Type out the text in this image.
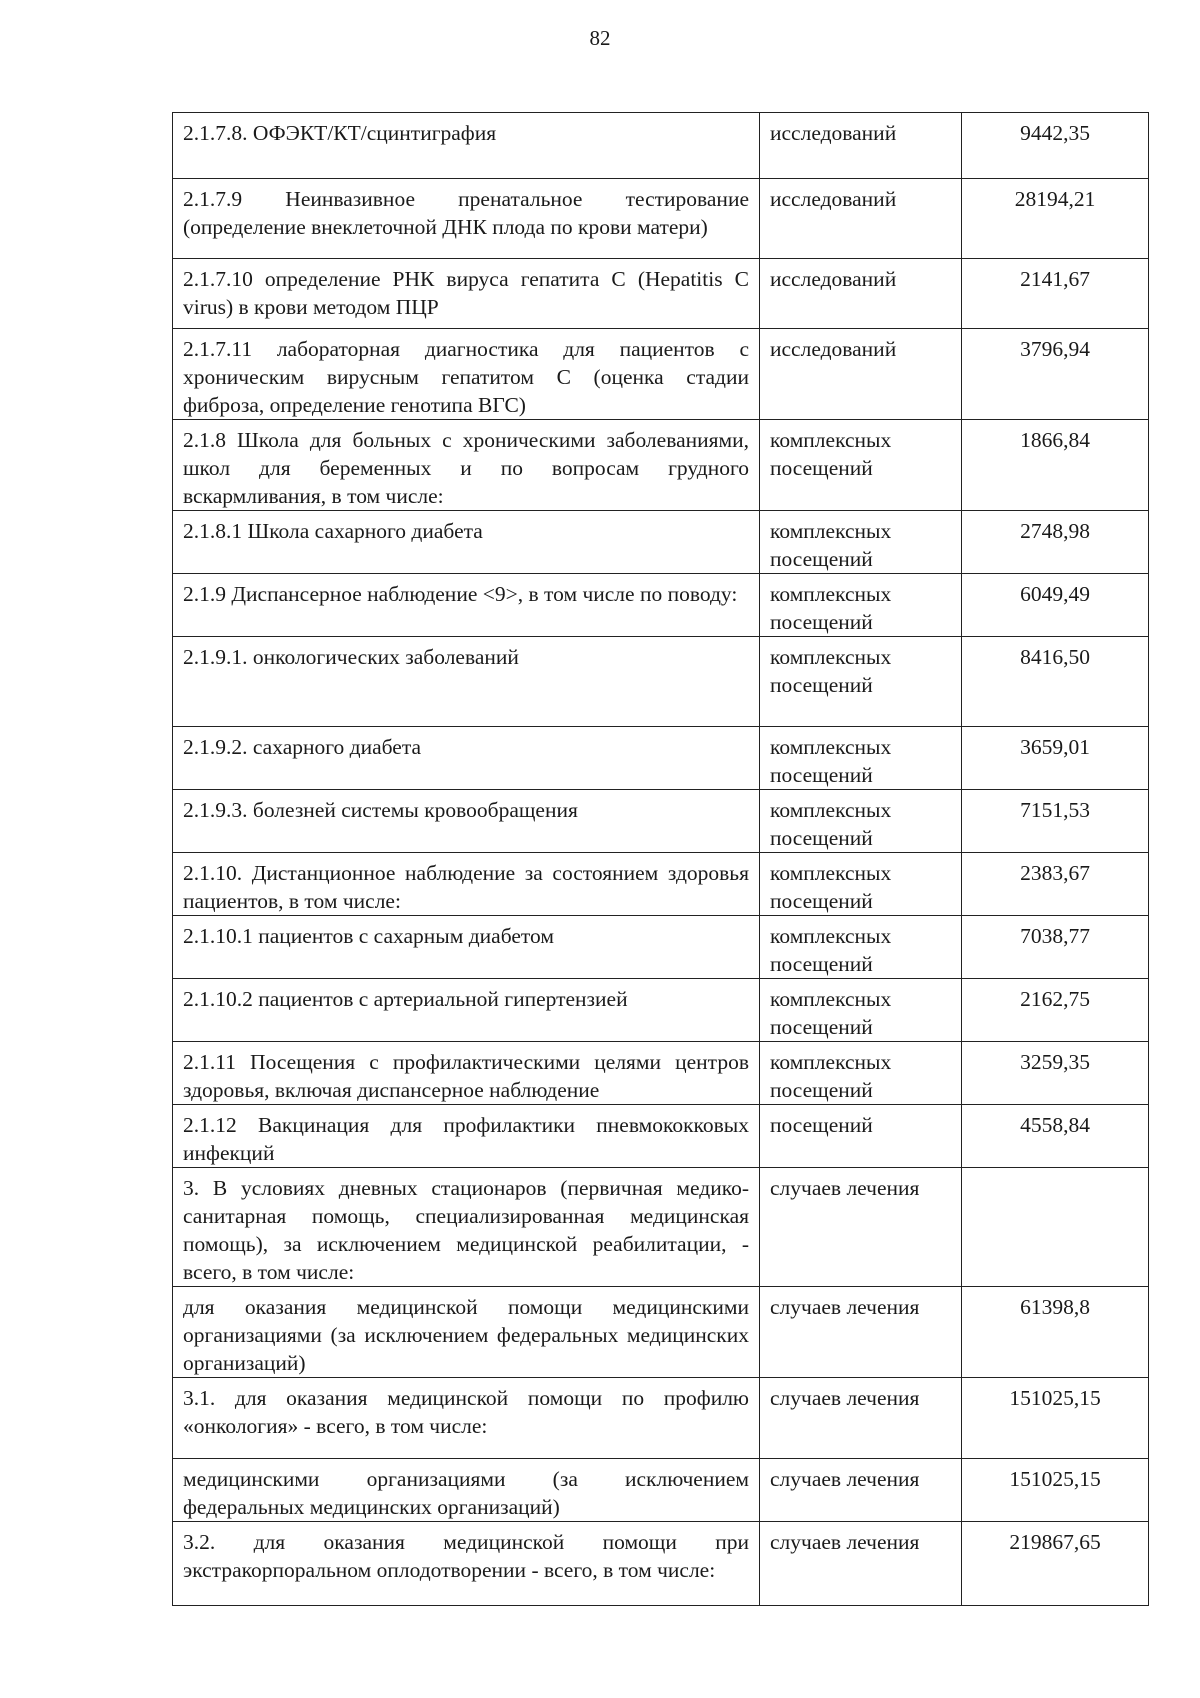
82
2.1.7.8. ОФЭКТ/КТ/сцинтиграфия	исследований	9442,35
2.1.7.9 Неинвазивное пренатальное тестирование (определение внеклеточной ДНК плода по крови матери)	исследований	28194,21
2.1.7.10 определение РНК вируса гепатита С (Hepatitis C virus) в крови методом ПЦР	исследований	2141,67
2.1.7.11 лабораторная диагностика для пациентов с хроническим вирусным гепатитом С (оценка стадии фиброза, определение генотипа ВГС)	исследований	3796,94
2.1.8 Школа для больных с хроническими заболеваниями, школ для беременных и по вопросам грудного вскармливания, в том числе:	комплексных посещений	1866,84
2.1.8.1 Школа сахарного диабета	комплексных посещений	2748,98
2.1.9 Диспансерное наблюдение <9>, в том числе по поводу:	комплексных посещений	6049,49
2.1.9.1. онкологических заболеваний	комплексных посещений	8416,50
2.1.9.2. сахарного диабета	комплексных посещений	3659,01
2.1.9.3. болезней системы кровообращения	комплексных посещений	7151,53
2.1.10. Дистанционное наблюдение за состоянием здоровья пациентов, в том числе:	комплексных посещений	2383,67
2.1.10.1 пациентов с сахарным диабетом	комплексных посещений	7038,77
2.1.10.2 пациентов с артериальной гипертензией	комплексных посещений	2162,75
2.1.11 Посещения с профилактическими целями центров здоровья, включая диспансерное наблюдение	комплексных посещений	3259,35
2.1.12 Вакцинация для профилактики пневмококковых инфекций	посещений	4558,84
3. В условиях дневных стационаров (первичная медико-санитарная помощь, специализированная медицинская помощь), за исключением медицинской реабилитации, - всего, в том числе:	случаев лечения	
для оказания медицинской помощи медицинскими организациями (за исключением федеральных медицинских организаций)	случаев лечения	61398,8
3.1. для оказания медицинской помощи по профилю «онкология» - всего, в том числе:	случаев лечения	151025,15
медицинскими организациями (за исключением федеральных медицинских организаций)	случаев лечения	151025,15
3.2. для оказания медицинской помощи при экстракорпоральном оплодотворении - всего, в том числе:	случаев лечения	219867,65
